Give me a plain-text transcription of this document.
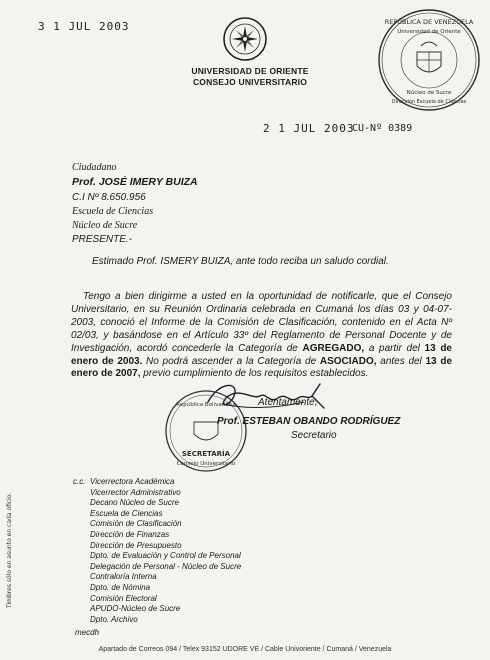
3 1 JUL 2003
UNIVERSIDAD DE ORIENTE
CONSEJO UNIVERSITARIO
REPÚBLICA DE VENEZUELA
Universidad de Oriente
Núcleo de Sucre
Dirección Escuela de Ciencias
2 1 JUL 2003
CU-Nº 0389
Ciudadano
Prof. JOSÉ IMERY BUIZA
C.I Nº 8.650.956
Escuela de Ciencias
Núcleo de Sucre
PRESENTE.-
Estimado Prof. ISMERY BUIZA, ante todo reciba un saludo cordial.
Tengo a bien dirigirme a usted en la oportunidad de notificarle, que el Consejo Universitario, en su Reunión Ordinaria celebrada en Cumaná los días 03 y 04-07-2003, conoció el Informe de la Comisión de Clasificación, contenido en el Acta Nº 02/03, y basándose en el Artículo 33º del Reglamento de Personal Docente y de Investigación, acordó concederle la Categoría de AGREGADO, a partir del 13 de enero de 2003. No podrá ascender a la Categoría de ASOCIADO, antes del 13 de enero de 2007, previo cumplimiento de los requisitos establecidos.
República Bolivariana
SECRETARÍA
Consejo Universitario
Atentamente,
Prof. ESTEBAN OBANDO RODRÍGUEZ
Secretario
Timbres sólo en asunto en cada oficio.
c.c. Vicerrectora Académica
Vicerrector Administrativo
Decano Núcleo de Sucre
Escuela de Ciencias
Comisión de Clasificación
Dirección de Finanzas
Dirección de Presupuesto
Dpto. de Evaluación y Control de Personal
Delegación de Personal - Núcleo de Sucre
Contraloría Interna
Dpto. de Nómina
Comisión Electoral
APUDO-Núcleo de Sucre
Dpto. Archivo
mecdh
Apartado de Correos 094 / Telex 93152 UDORE VE / Cable Univoriente / Cumaná / Venezuela
